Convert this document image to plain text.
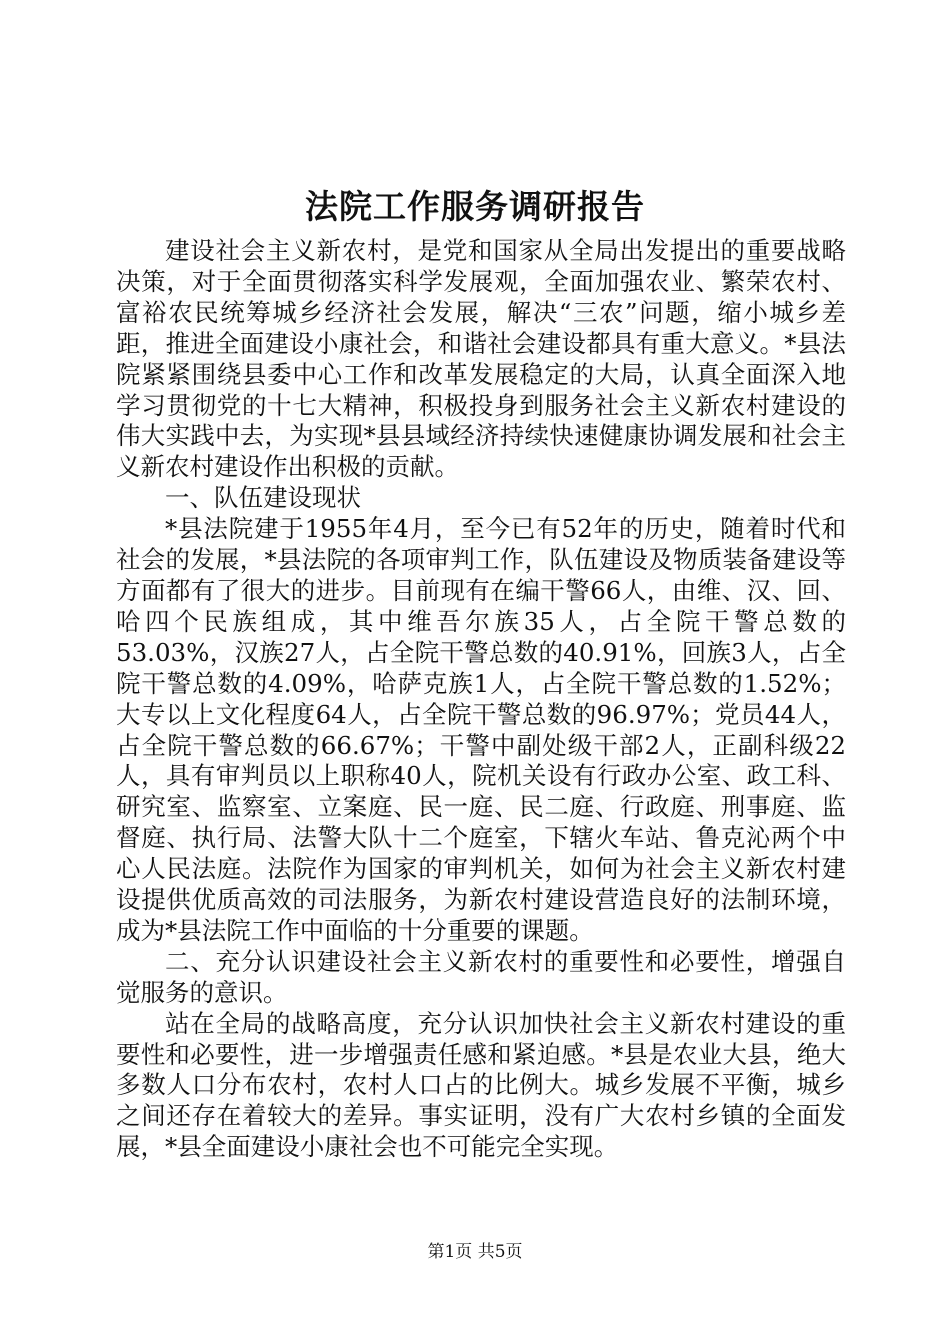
法院工作服务调研报告

建设社会主义新农村，是党和国家从全局出发提出的重要战略决策，对于全面贯彻落实科学发展观，全面加强农业、繁荣农村、富裕农民统筹城乡经济社会发展，解决“三农”问题，缩小城乡差距，推进全面建设小康社会，和谐社会建设都具有重大意义。*县法院紧紧围绕县委中心工作和改革发展稳定的大局，认真全面深入地学习贯彻党的十七大精神，积极投身到服务社会主义新农村建设的伟大实践中去，为实现*县县域经济持续快速健康协调发展和社会主义新农村建设作出积极的贡献。

一、队伍建设现状

*县法院建于1955年4月，至今已有52年的历史，随着时代和社会的发展，*县法院的各项审判工作，队伍建设及物质装备建设等方面都有了很大的进步。目前现有在编干警66人，由维、汉、回、哈四个民族组成，其中维吾尔族35人，占全院干警总数的53.03%，汉族27人，占全院干警总数的40.91%，回族3人，占全院干警总数的4.09%，哈萨克族1人，占全院干警总数的1.52%；大专以上文化程度64人，占全院干警总数的96.97%；党员44人，占全院干警总数的66.67%；干警中副处级干部2人，正副科级22人，具有审判员以上职称40人，院机关设有行政办公室、政工科、研究室、监察室、立案庭、民一庭、民二庭、行政庭、刑事庭、监督庭、执行局、法警大队十二个庭室，下辖火车站、鲁克沁两个中心人民法庭。法院作为国家的审判机关，如何为社会主义新农村建设提供优质高效的司法服务，为新农村建设营造良好的法制环境，成为*县法院工作中面临的十分重要的课题。

二、充分认识建设社会主义新农村的重要性和必要性，增强自觉服务的意识。

站在全局的战略高度，充分认识加快社会主义新农村建设的重要性和必要性，进一步增强责任感和紧迫感。*县是农业大县，绝大多数人口分布农村，农村人口占的比例大。城乡发展不平衡，城乡之间还存在着较大的差异。事实证明，没有广大农村乡镇的全面发展，*县全面建设小康社会也不可能完全实现。

第1页 共5页
